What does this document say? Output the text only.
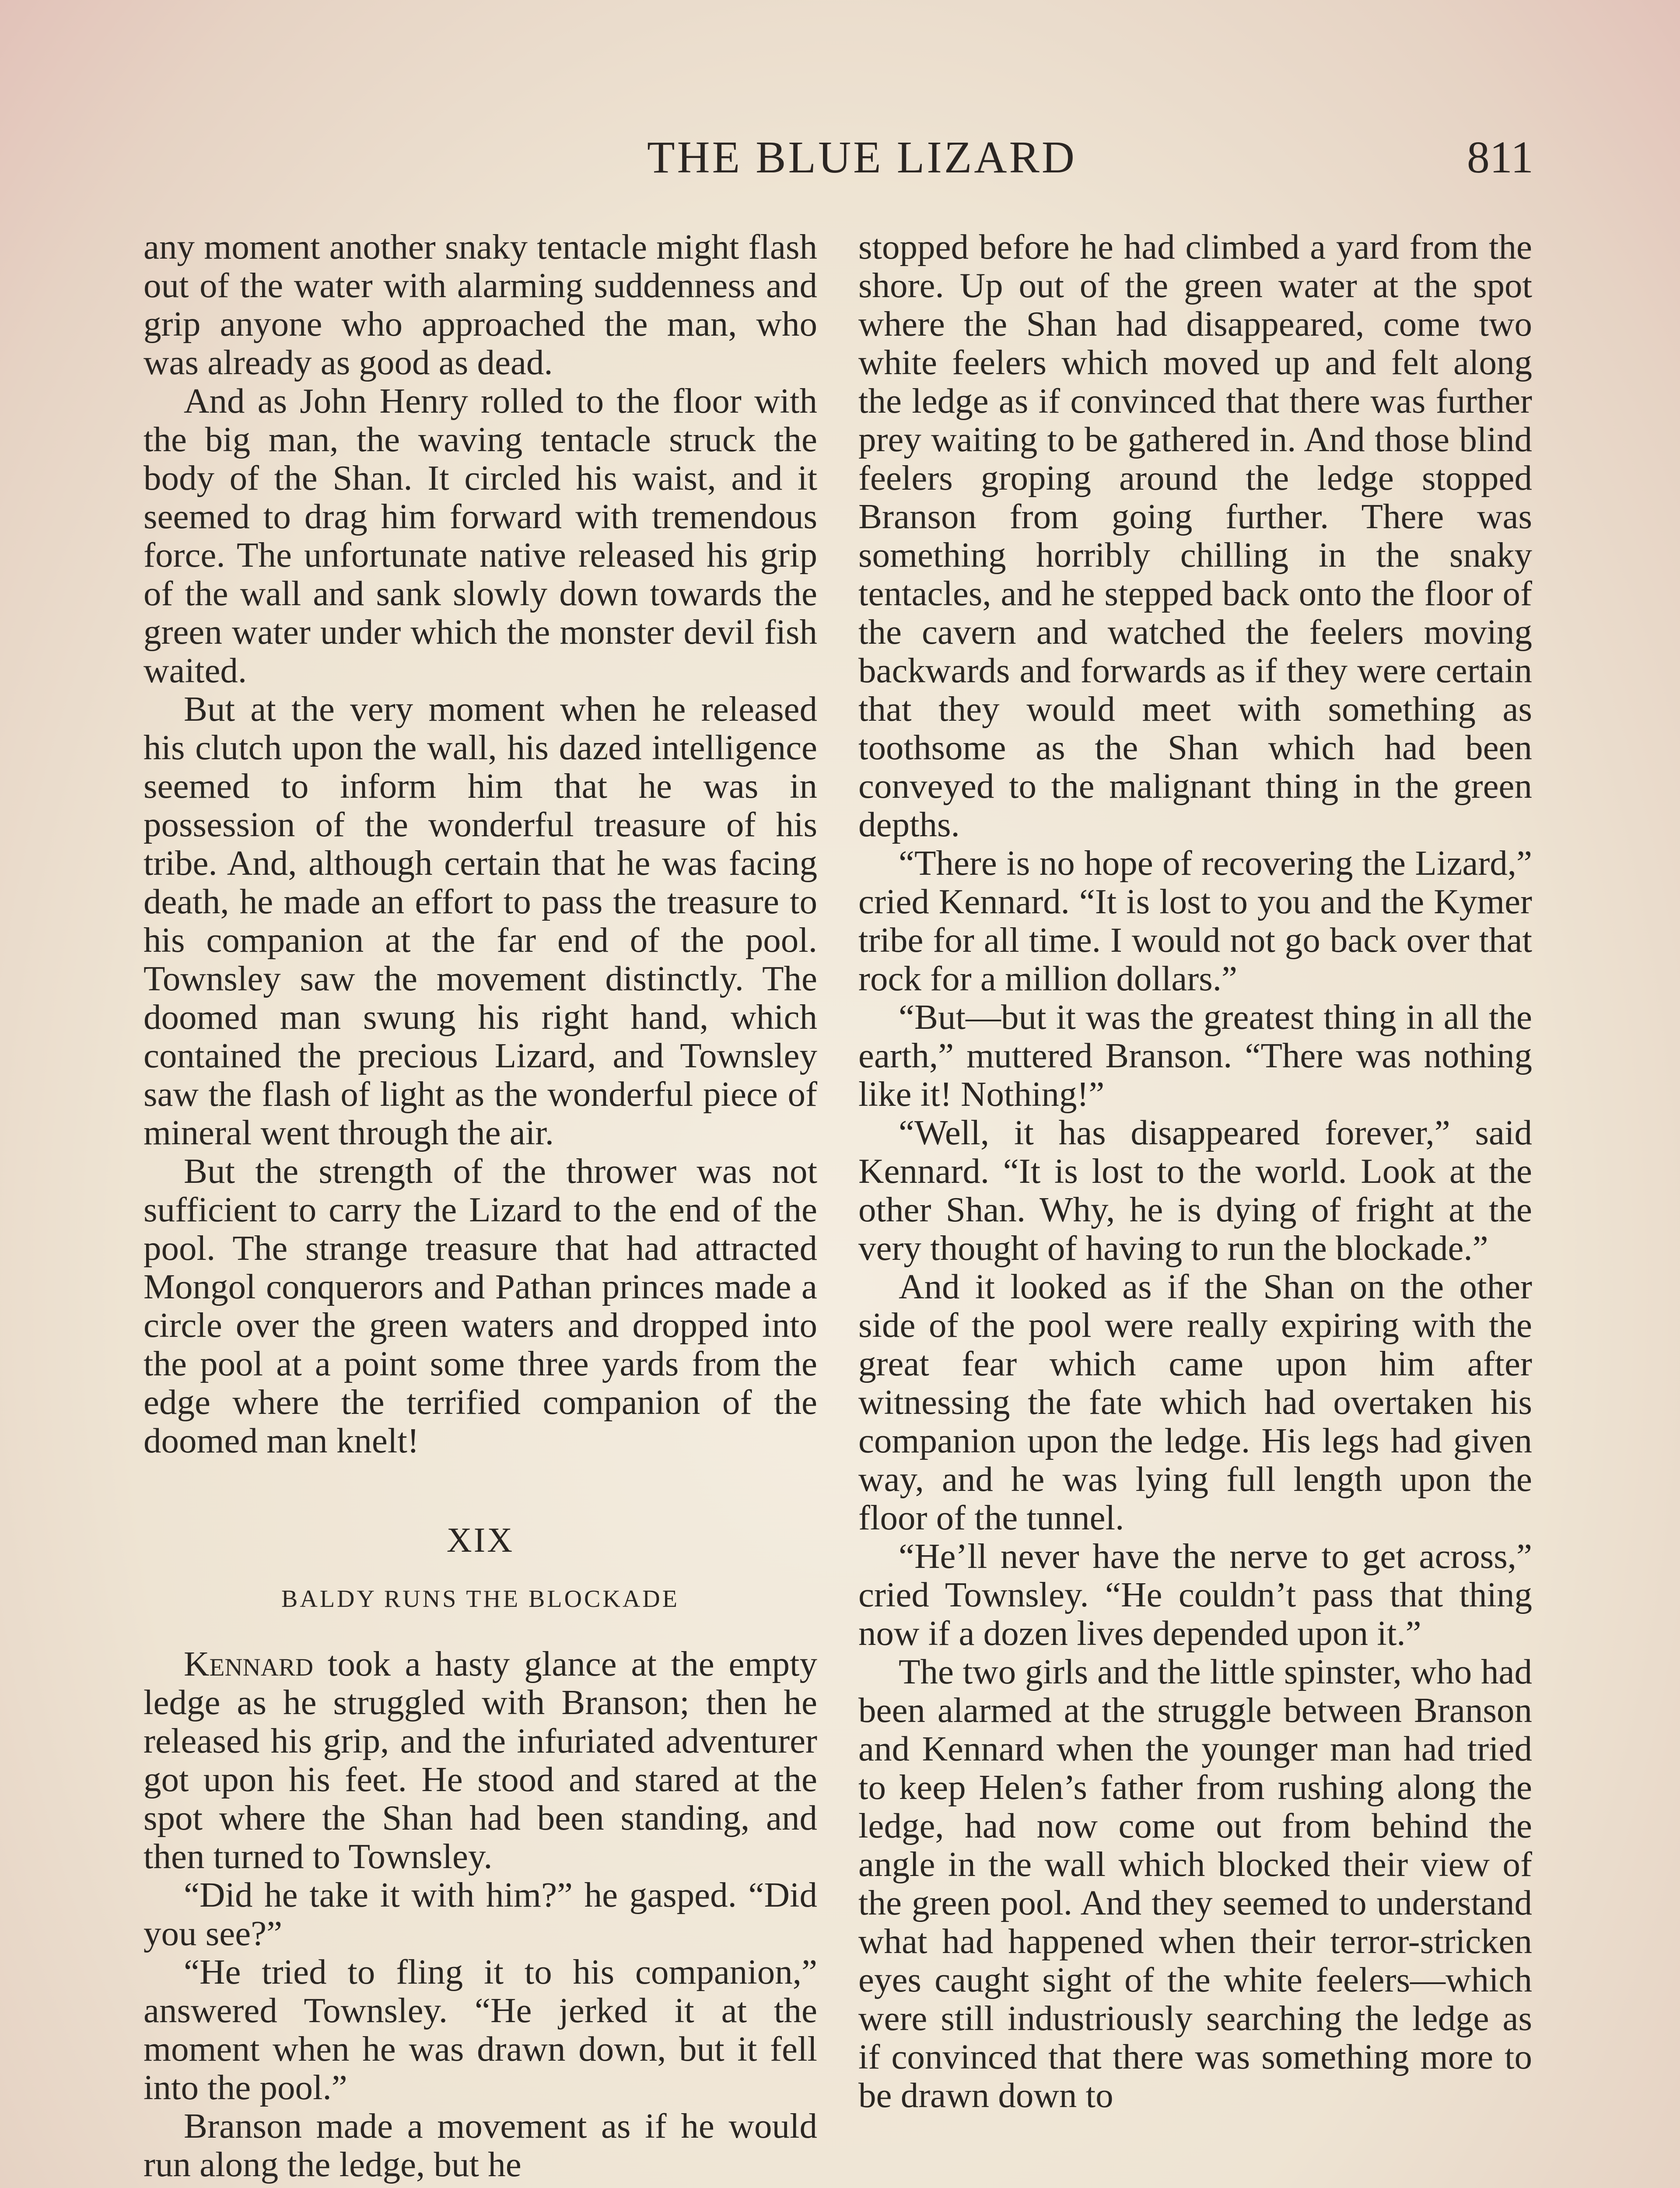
THE BLUE LIZARD	811

any moment another snaky tentacle might flash out of the water with alarming suddenness and grip anyone who approached the man, who was already as good as dead.

And as John Henry rolled to the floor with the big man, the waving tentacle struck the body of the Shan. It circled his waist, and it seemed to drag him forward with tremendous force. The unfortunate native released his grip of the wall and sank slowly down towards the green water under which the monster devil fish waited.

But at the very moment when he released his clutch upon the wall, his dazed intelligence seemed to inform him that he was in possession of the wonderful treasure of his tribe. And, although certain that he was facing death, he made an effort to pass the treasure to his companion at the far end of the pool. Townsley saw the movement distinctly. The doomed man swung his right hand, which contained the precious Lizard, and Townsley saw the flash of light as the wonderful piece of mineral went through the air.

But the strength of the thrower was not sufficient to carry the Lizard to the end of the pool. The strange treasure that had attracted Mongol conquerors and Pathan princes made a circle over the green waters and dropped into the pool at a point some three yards from the edge where the terrified companion of the doomed man knelt!

XIX
BALDY RUNS THE BLOCKADE

Kennard took a hasty glance at the empty ledge as he struggled with Branson; then he released his grip, and the infuriated adventurer got upon his feet. He stood and stared at the spot where the Shan had been standing, and then turned to Townsley.

“Did he take it with him?” he gasped. “Did you see?”

“He tried to fling it to his companion,” answered Townsley. “He jerked it at the moment when he was drawn down, but it fell into the pool.”

Branson made a movement as if he would run along the ledge, but he

stopped before he had climbed a yard from the shore. Up out of the green water at the spot where the Shan had disappeared, come two white feelers which moved up and felt along the ledge as if convinced that there was further prey waiting to be gathered in. And those blind feelers groping around the ledge stopped Branson from going further. There was something horribly chilling in the snaky tentacles, and he stepped back onto the floor of the cavern and watched the feelers moving backwards and forwards as if they were certain that they would meet with something as toothsome as the Shan which had been conveyed to the malignant thing in the green depths.

“There is no hope of recovering the Lizard,” cried Kennard. “It is lost to you and the Kymer tribe for all time. I would not go back over that rock for a million dollars.”

“But—but it was the greatest thing in all the earth,” muttered Branson. “There was nothing like it! Nothing!”

“Well, it has disappeared forever,” said Kennard. “It is lost to the world. Look at the other Shan. Why, he is dying of fright at the very thought of having to run the blockade.”

And it looked as if the Shan on the other side of the pool were really expiring with the great fear which came upon him after witnessing the fate which had overtaken his companion upon the ledge. His legs had given way, and he was lying full length upon the floor of the tunnel.

“He’ll never have the nerve to get across,” cried Townsley. “He couldn’t pass that thing now if a dozen lives depended upon it.”

The two girls and the little spinster, who had been alarmed at the struggle between Branson and Kennard when the younger man had tried to keep Helen’s father from rushing along the ledge, had now come out from behind the angle in the wall which blocked their view of the green pool. And they seemed to understand what had happened when their terror-stricken eyes caught sight of the white feelers—which were still industriously searching the ledge as if convinced that there was something more to be drawn down to
